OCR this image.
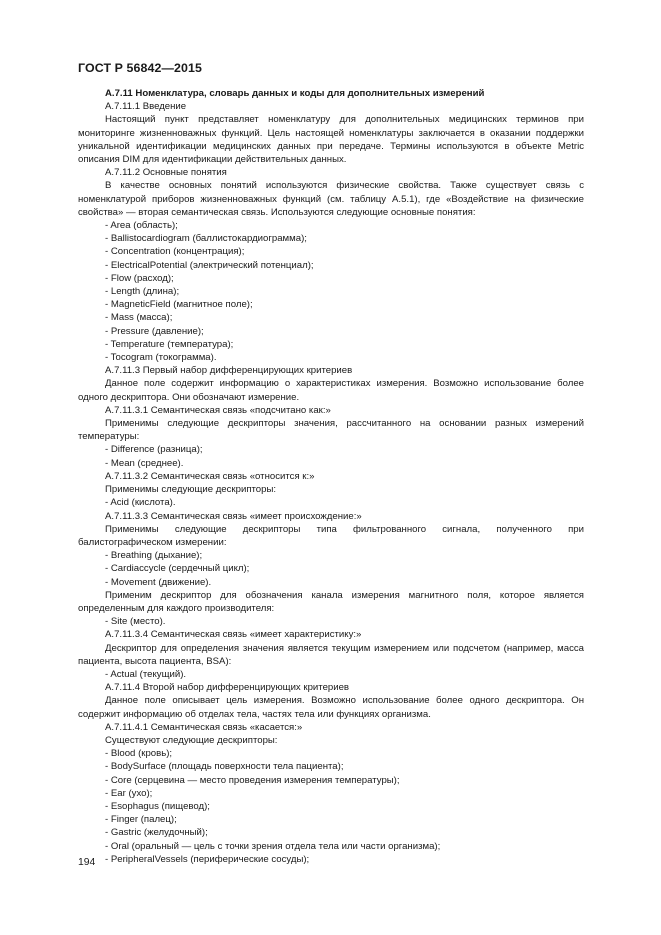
ГОСТ Р 56842—2015

А.7.11 Номенклатура, словарь данных и коды для дополнительных измерений

А.7.11.1 Введение

Настоящий пункт представляет номенклатуру для дополнительных медицинских терминов при мониторинге жизненноважных функций. Цель настоящей номенклатуры заключается в оказании поддержки уникальной идентификации медицинских данных при передаче. Термины используются в объекте Metric описания DIM для идентификации действительных данных.

А.7.11.2 Основные понятия

В качестве основных понятий используются физические свойства. Также существует связь с номенклатурой приборов жизненноважных функций (см. таблицу А.5.1), где «Воздействие на физические свойства» — вторая семантическая связь. Используются следующие основные понятия:

- Area (область);

- Ballistocardiogram (баллистокардиограмма);

- Concentration (концентрация);

- ElectricalPotential (электрический потенциал);

- Flow (расход);

- Length (длина);

- MagneticField (магнитное поле);

- Mass (масса);

- Pressure (давление);

- Temperature (температура);

- Tocogram (токограмма).

А.7.11.3 Первый набор дифференцирующих критериев

Данное поле содержит информацию о характеристиках измерения. Возможно использование более одного дескриптора. Они обозначают измерение.

А.7.11.3.1 Семантическая связь «подсчитано как:»

Применимы следующие дескрипторы значения, рассчитанного на основании разных измерений температуры:

- Difference (разница);

- Mean (среднее).

А.7.11.3.2 Семантическая связь «относится к:»

Применимы следующие дескрипторы:

- Acid (кислота).

А.7.11.3.3 Семантическая связь «имеет происхождение:»

Применимы следующие дескрипторы типа фильтрованного сигнала, полученного при балистографическом измерении:

- Breathing (дыхание);

- Cardiaccycle (сердечный цикл);

- Movement (движение).

Применим дескриптор для обозначения канала измерения магнитного поля, которое является определенным для каждого производителя:

- Site (место).

А.7.11.3.4 Семантическая связь «имеет характеристику:»

Дескриптор для определения значения является текущим измерением или подсчетом (например, масса пациента, высота пациента, BSA):

- Actual (текущий).

А.7.11.4 Второй набор дифференцирующих критериев

Данное поле описывает цель измерения. Возможно использование более одного дескриптора. Он содержит информацию об отделах тела, частях тела или функциях организма.

А.7.11.4.1 Семантическая связь «касается:»

Существуют следующие дескрипторы:

- Blood (кровь);

- BodySurface (площадь поверхности тела пациента);

- Core (серцевина — место проведения измерения температуры);

- Ear (ухо);

- Esophagus (пищевод);

- Finger (палец);

- Gastric (желудочный);

- Oral (оральный — цель с точки зрения отдела тела или части организма);

- PeripheralVessels (периферические сосуды);

194
